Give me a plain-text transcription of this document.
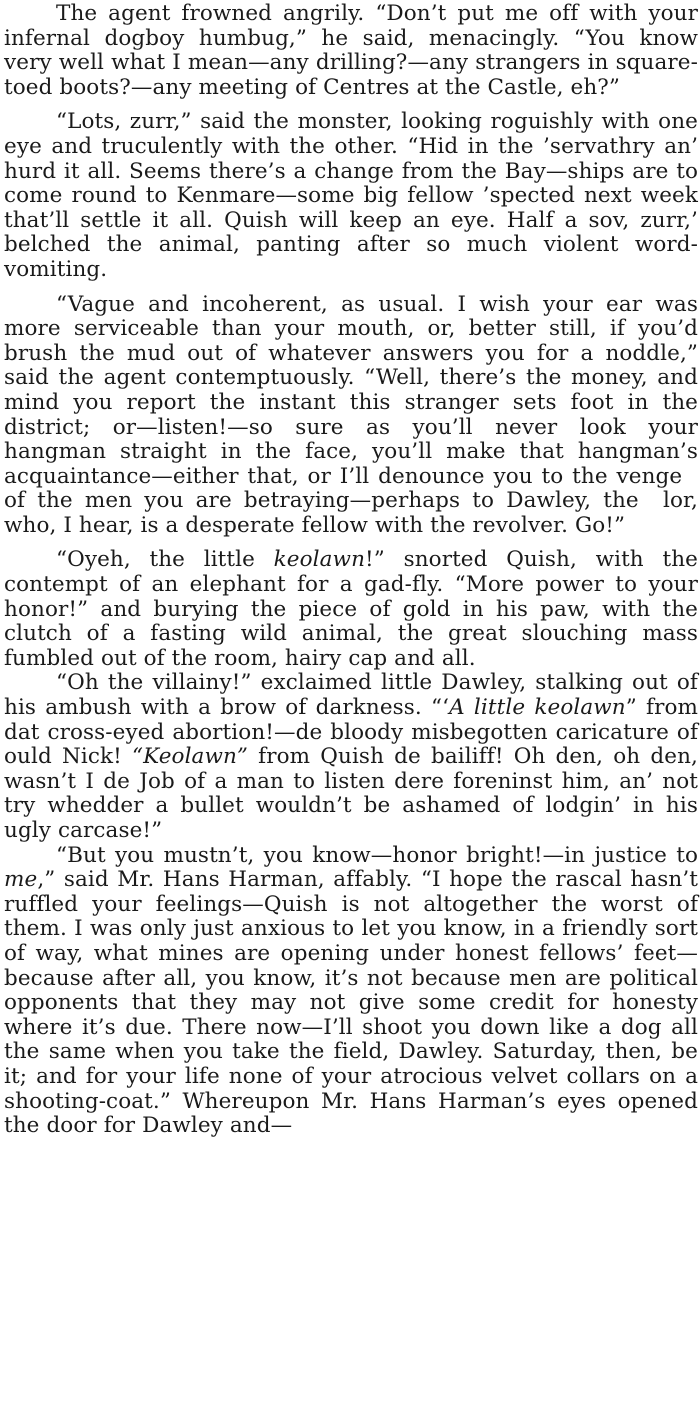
The agent frowned angrily. “Don’t put me off with your infernal dogboy humbug,” he said, menacingly. “You know very well what I mean—any drilling?—any strangers in square-toed boots?—any meeting of Centres at the Castle, eh?”

“Lots, zurr,” said the monster, looking roguishly with one eye and truculently with the other. “Hid in the ’servathry an’ hurd it all. Seems there’s a change from the Bay—ships are to come round to Kenmare—some big fellow ’spected next week that’ll settle it all. Quish will keep an eye. Half a sov, zurr,’ belched the animal, panting after so much violent word-vomiting.

“Vague and incoherent, as usual. I wish your ear was more serviceable than your mouth, or, better still, if you’d brush the mud out of whatever answers you for a noddle,” said the agent contemptuously. “Well, there’s the money, and mind you report the instant this stranger sets foot in the district; or—listen!—so sure as you’ll never look your hangman straight in the face, you’ll make that hangman’s acquaintance—either that, or I’ll denounce you to the venge   of the men you are betraying—perhaps to Dawley, the  lor, who, I hear, is a desperate fellow with the revolver. Go!”

“Oyeh, the little keolawn!” snorted Quish, with the contempt of an elephant for a gad-fly. “More power to your honor!” and burying the piece of gold in his paw, with the clutch of a fasting wild animal, the great slouching mass fumbled out of the room, hairy cap and all.

“Oh the villainy!” exclaimed little Dawley, stalking out of his ambush with a brow of darkness. “‘A little keolawn” from dat cross-eyed abortion!—de bloody misbegotten caricature of ould Nick! “Keolawn” from Quish de bailiff! Oh den, oh den, wasn’t I de Job of a man to listen dere foreninst him, an’ not try whedder a bullet wouldn’t be ashamed of lodgin’ in his ugly carcase!”

“But you mustn’t, you know—honor bright!—in justice to me,” said Mr. Hans Harman, affably. “I hope the rascal hasn’t ruffled your feelings—Quish is not altogether the worst of them. I was only just anxious to let you know, in a friendly sort of way, what mines are opening under honest fellows’ feet—because after all, you know, it’s not because men are political opponents that they may not give some credit for honesty where it’s due. There now—I’ll shoot you down like a dog all the same when you take the field, Dawley. Saturday, then, be it; and for your life none of your atrocious velvet collars on a shooting-coat.” Whereupon Mr. Hans Harman’s eyes opened the door for Dawley and—
